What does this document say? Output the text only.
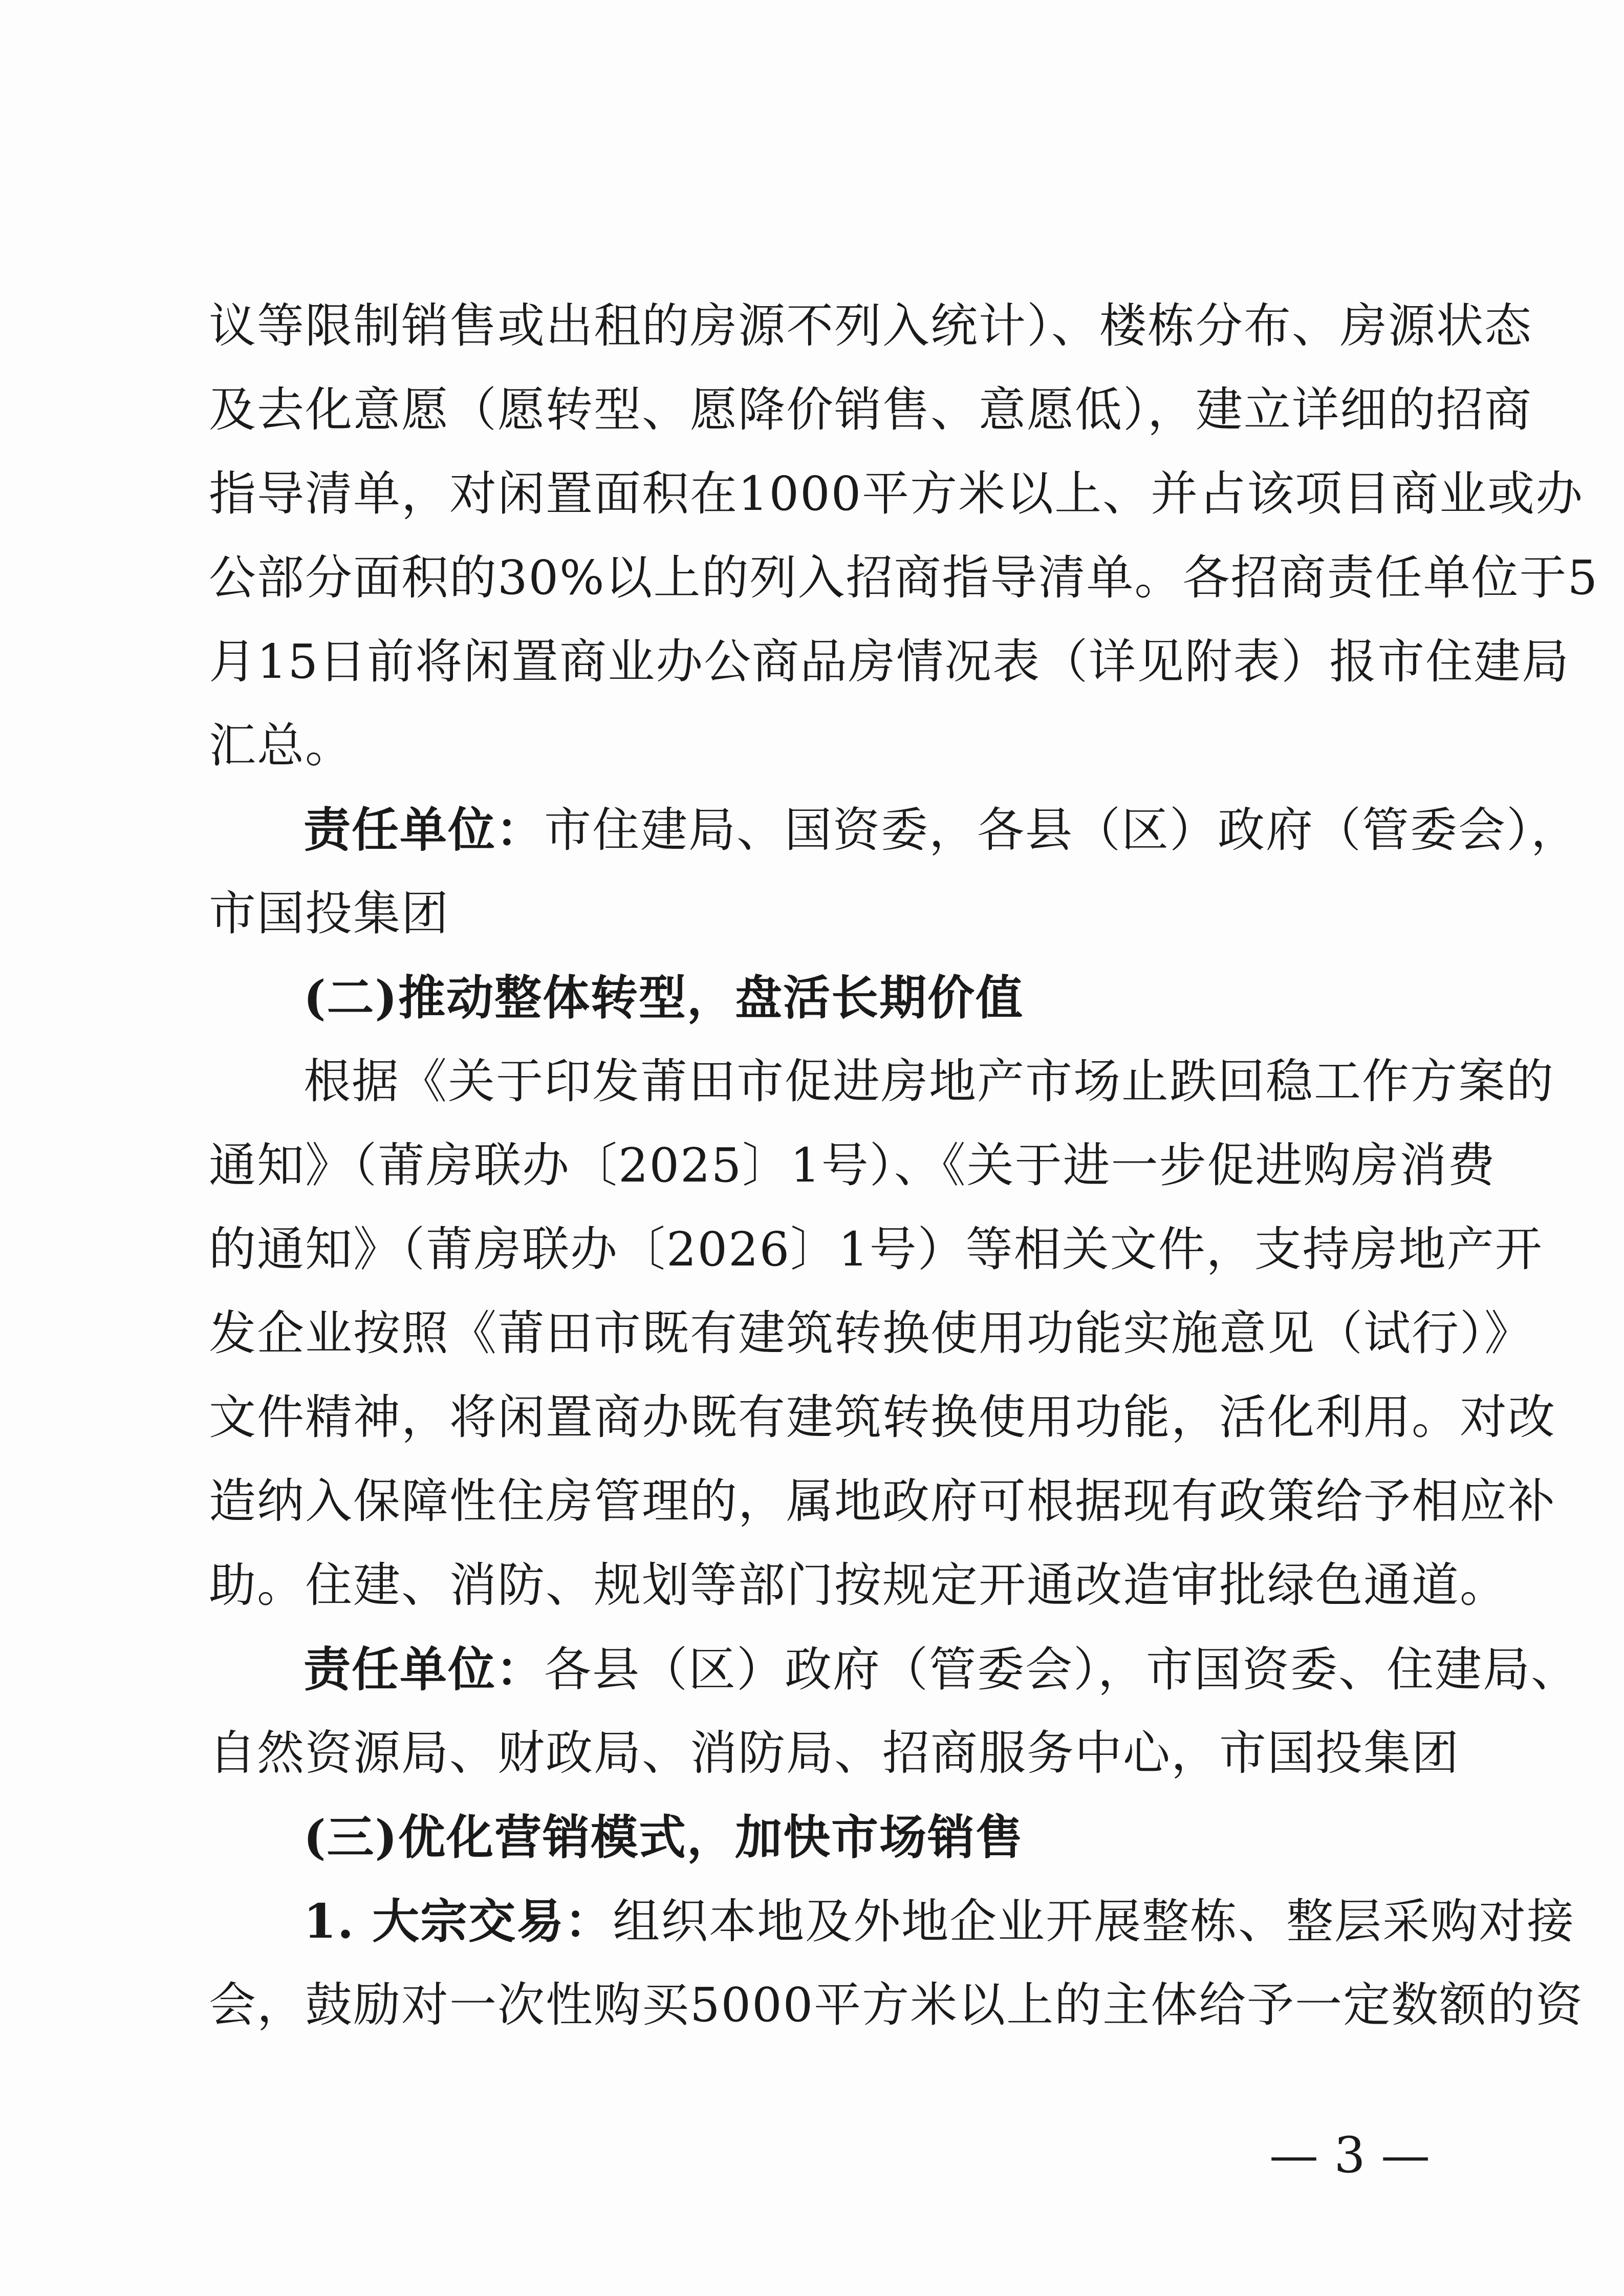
议等限制销售或出租的房源不列入统计）、楼栋分布、房源状态
及去化意愿（愿转型、愿降价销售、意愿低），建立详细的招商
指导清单，对闲置面积在1000平方米以上、并占该项目商业或办
公部分面积的30%以上的列入招商指导清单。各招商责任单位于5
月15日前将闲置商业办公商品房情况表（详见附表）报市住建局
汇总。
责任单位：市住建局、国资委，各县（区）政府（管委会），
市国投集团
(二)推动整体转型，盘活长期价值
根据《关于印发莆田市促进房地产市场止跌回稳工作方案的
通知》（莆房联办〔2025〕1号）、《关于进一步促进购房消费
的通知》（莆房联办〔2026〕1号）等相关文件，支持房地产开
发企业按照《莆田市既有建筑转换使用功能实施意见（试行）》
文件精神，将闲置商办既有建筑转换使用功能，活化利用。对改
造纳入保障性住房管理的，属地政府可根据现有政策给予相应补
助。住建、消防、规划等部门按规定开通改造审批绿色通道。
责任单位：各县（区）政府（管委会），市国资委、住建局、
自然资源局、财政局、消防局、招商服务中心，市国投集团
(三)优化营销模式，加快市场销售
1. 大宗交易：组织本地及外地企业开展整栋、整层采购对接
会，鼓励对一次性购买5000平方米以上的主体给予一定数额的资
— 3 —
